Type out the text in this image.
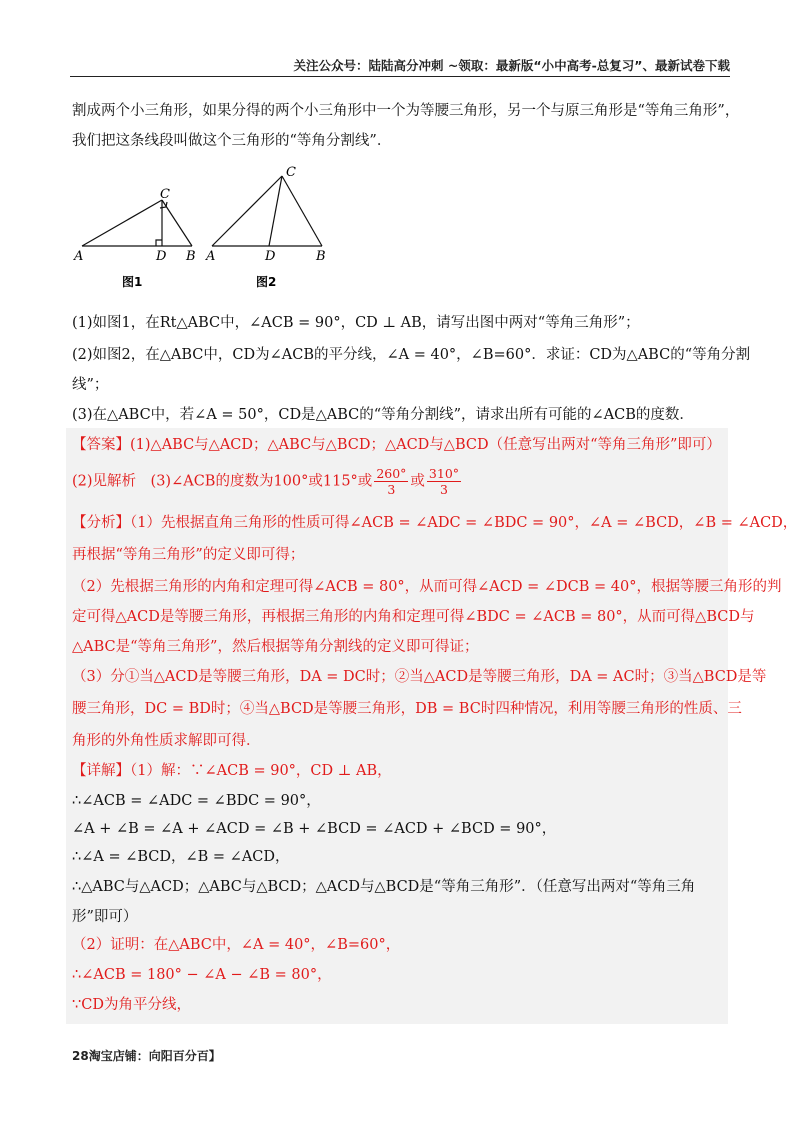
关注公众号：陆陆高分冲刺 ~领取：最新版“小中高考-总复习”、最新试卷下载
割成两个小三角形，如果分得的两个小三角形中一个为等腰三角形，另一个与原三角形是“等角三角形”，
我们把这条线段叫做这个三角形的“等角分割线”．
A
C
D B
图1
A
C
D	B
图2
(1)如图1，在Rt△ABC中，∠ACB = 90°，CD ⊥ AB，请写出图中两对“等角三角形”；
(2)如图2，在△ABC中，CD为∠ACB的平分线，∠A = 40°，∠B=60°．求证：CD为△ABC的“等角分割
线”；
(3)在△ABC中，若∠A = 50°，CD是△ABC的“等角分割线”，请求出所有可能的∠ACB的度数．
【答案】(1)△ABC与△ACD；△ABC与△BCD；△ACD与△BCD（任意写出两对“等角三角形”即可）
(2)见解析　(3)∠ACB的度数为100°或115°或 $\frac{260^\circ}{3}$ 或 $\frac{310^\circ}{3}$
【分析】（1）先根据直角三角形的性质可得∠ACB = ∠ADC = ∠BDC = 90°，∠A = ∠BCD，∠B = ∠ACD，
再根据“等角三角形”的定义即可得；
（2）先根据三角形的内角和定理可得∠ACB = 80°，从而可得∠ACD = ∠DCB = 40°，根据等腰三角形的判
定可得△ACD是等腰三角形，再根据三角形的内角和定理可得∠BDC = ∠ACB = 80°，从而可得△BCD与
△ABC是“等角三角形”，然后根据等角分割线的定义即可得证；
（3）分①当△ACD是等腰三角形，DA = DC时；②当△ACD是等腰三角形，DA = AC时；③当△BCD是等
腰三角形，DC = BD时；④当△BCD是等腰三角形，DB = BC时四种情况，利用等腰三角形的性质、三
角形的外角性质求解即可得．
【详解】（1）解：∵∠ACB = 90°，CD ⊥ AB，
∴∠ACB = ∠ADC = ∠BDC = 90°，
∠A + ∠B = ∠A + ∠ACD = ∠B + ∠BCD = ∠ACD + ∠BCD = 90°，
∴∠A = ∠BCD，∠B = ∠ACD，
∴△ABC与△ACD；△ABC与△BCD；△ACD与△BCD是“等角三角形”．（任意写出两对“等角三角
形”即可）
（2）证明：在△ABC中，∠A = 40°，∠B=60°，
∴∠ACB = 180° − ∠A − ∠B = 80°，
∵CD为角平分线，
28淘宝店铺：向阳百分百】
